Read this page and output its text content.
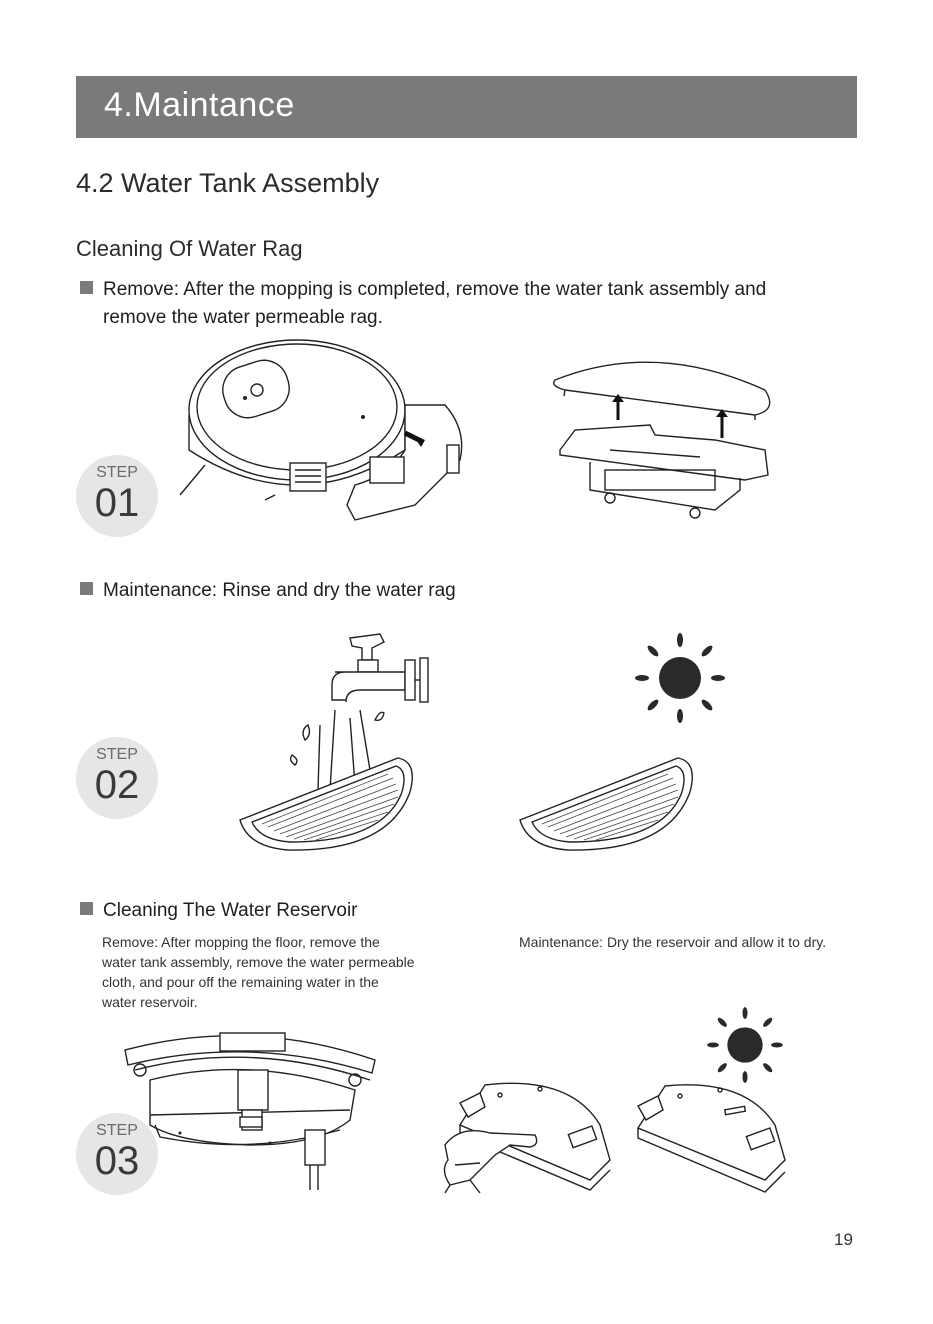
4.Maintance
4.2 Water Tank Assembly
Cleaning Of Water Rag
Remove: After the mopping is completed, remove the water tank assembly and
remove the water permeable rag.
STEP
01
Maintenance: Rinse and dry the water rag
STEP
02
Cleaning The Water Reservoir
Remove: After mopping the floor, remove the
water tank assembly, remove the water permeable
cloth, and pour off the remaining water in the
water reservoir.
Maintenance: Dry the reservoir and allow it to dry.
STEP
03
19
